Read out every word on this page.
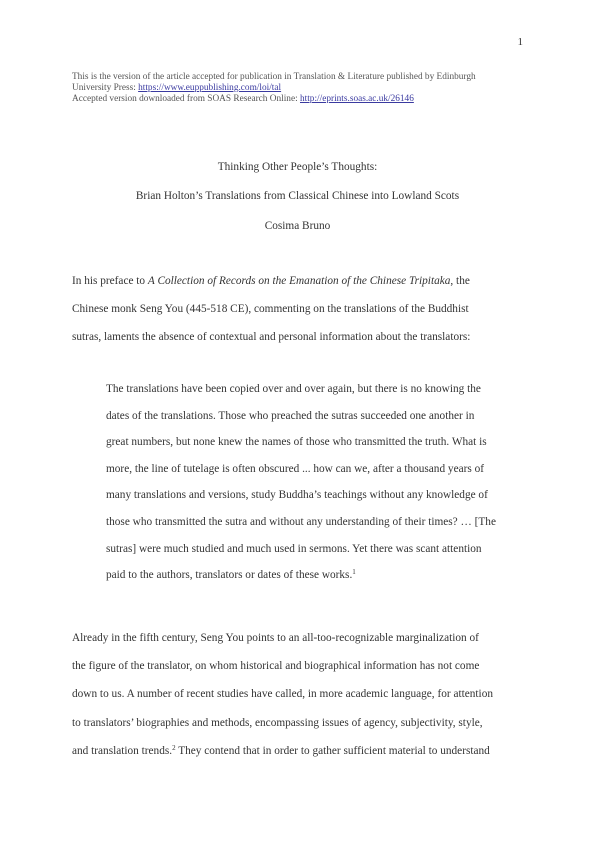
1
This is the version of the article accepted for publication in Translation & Literature published by Edinburgh
University Press: https://www.euppublishing.com/loi/tal
Accepted version downloaded from SOAS Research Online: http://eprints.soas.ac.uk/26146
Thinking Other People’s Thoughts:
Brian Holton’s Translations from Classical Chinese into Lowland Scots
Cosima Bruno

In his preface to A Collection of Records on the Emanation of the Chinese Tripitaka, the
Chinese monk Seng You (445-518 CE), commenting on the translations of the Buddhist
sutras, laments the absence of contextual and personal information about the translators:

The translations have been copied over and over again, but there is no knowing the
dates of the translations. Those who preached the sutras succeeded one another in
great numbers, but none knew the names of those who transmitted the truth. What is
more, the line of tutelage is often obscured ... how can we, after a thousand years of
many translations and versions, study Buddha’s teachings without any knowledge of
those who transmitted the sutra and without any understanding of their times? … [The
sutras] were much studied and much used in sermons. Yet there was scant attention
paid to the authors, translators or dates of these works.$^1$

Already in the fifth century, Seng You points to an all-too-recognizable marginalization of
the figure of the translator, on whom historical and biographical information has not come
down to us. A number of recent studies have called, in more academic language, for attention
to translators’ biographies and methods, encompassing issues of agency, subjectivity, style,
and translation trends.$^2$ They contend that in order to gather sufficient material to understand
